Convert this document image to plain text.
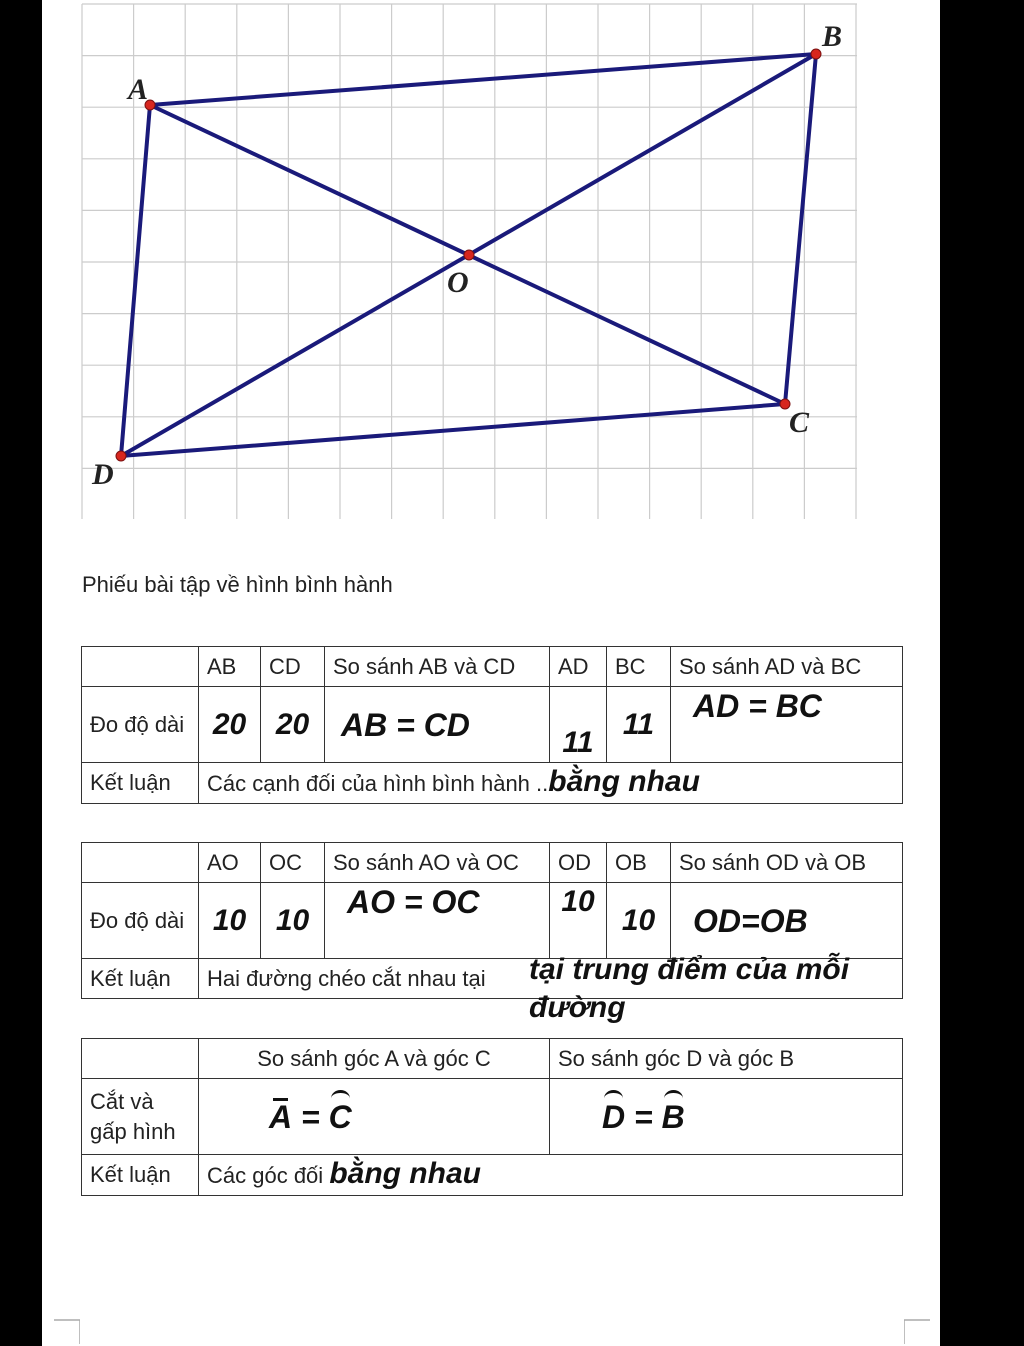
A
B
C
D
O
Phiếu bài tập về hình bình hành
	AB	CD	So sánh AB và CD	AD	BC	So sánh AD và BC
Đo độ dài	20	20	AB = CD	11	11	AD = BC
Kết luận	Các cạnh đối của hình bình hành ..bằng nhau					
	AO	OC	So sánh AO và OC	OD	OB	So sánh OD và OB
Đo độ dài	10	10	AO = OC	10	10	OD=OB
Kết luận	Hai đường chéo cắt nhau tại tại trung điểm của mỗi đường					
	So sánh góc A và góc C	So sánh góc D và góc B
Cắt và gấp hình	A = C	D = B
Kết luận	Các góc đối bằng nhau	
